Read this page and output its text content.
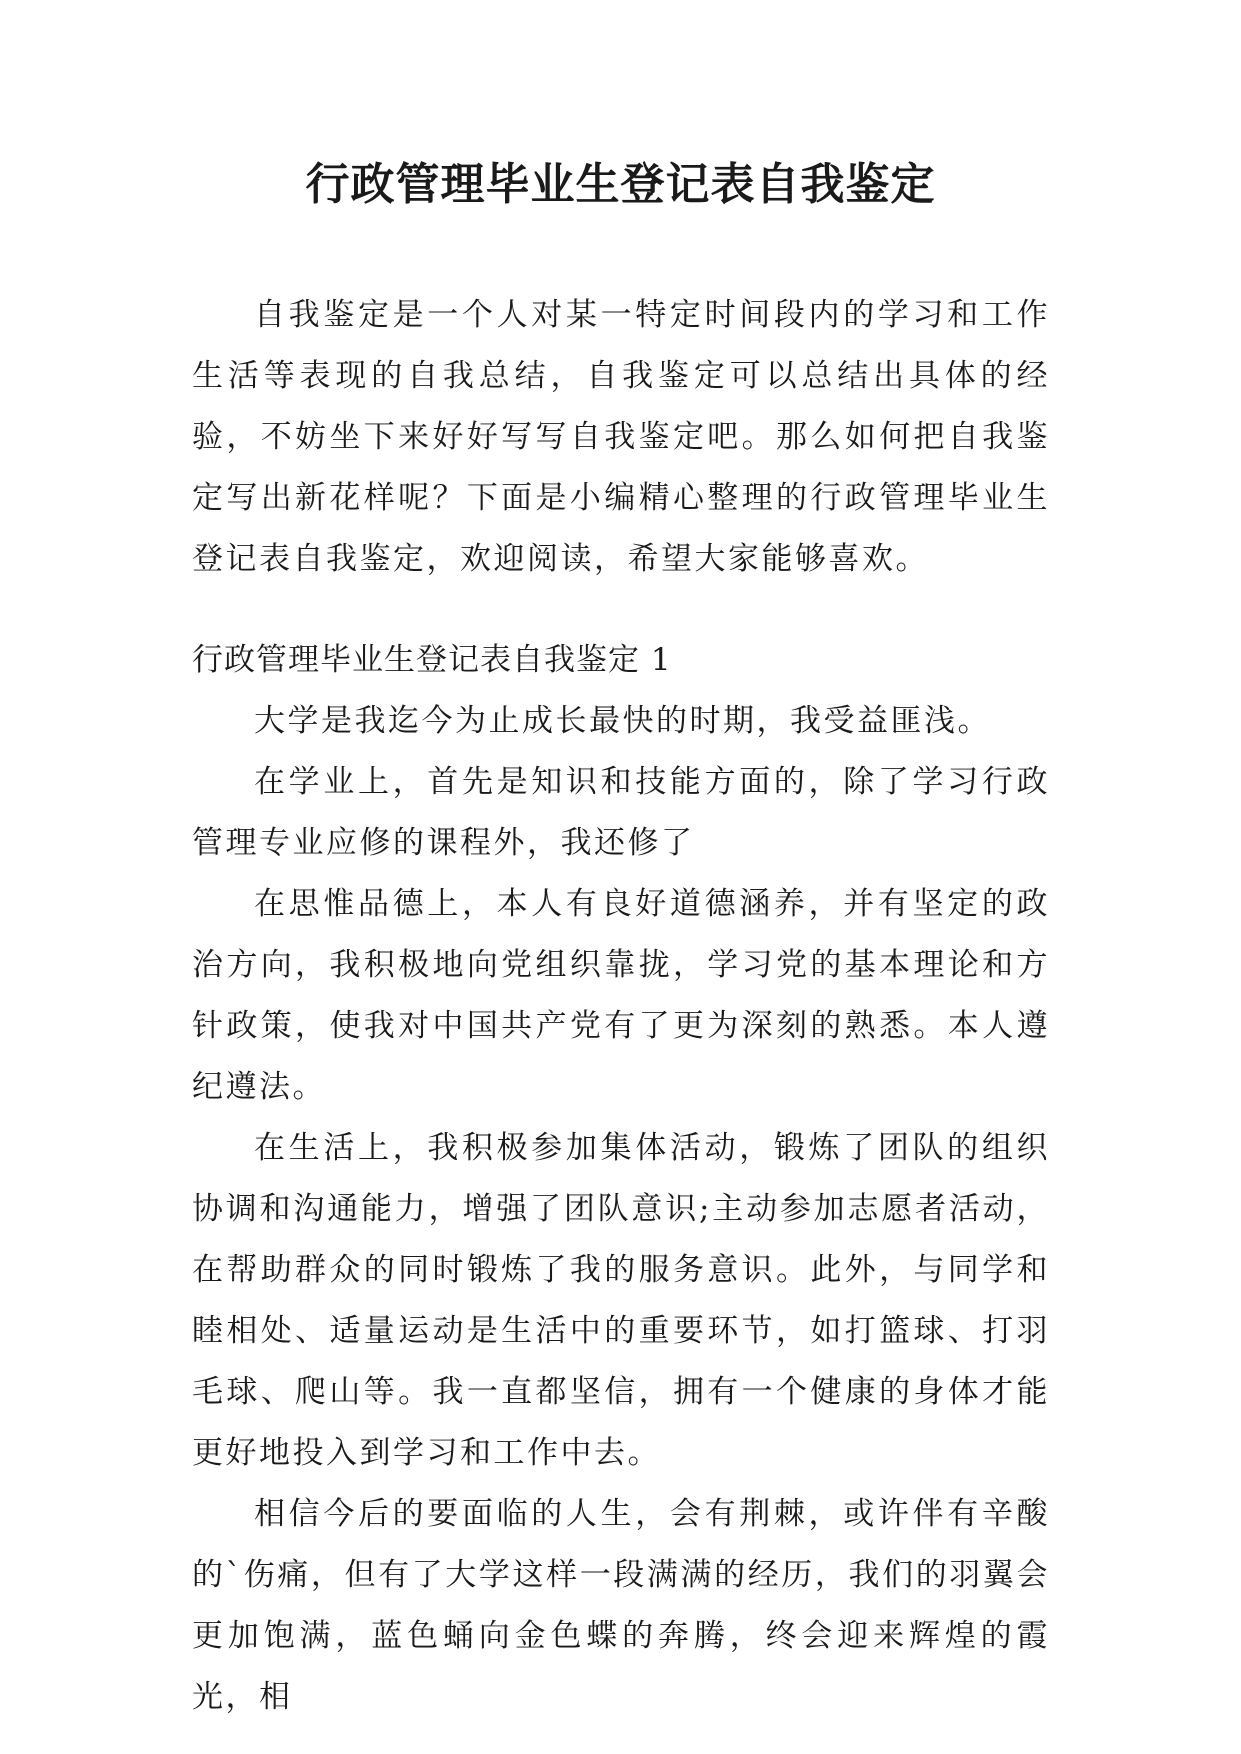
行政管理毕业生登记表自我鉴定

自我鉴定是一个人对某一特定时间段内的学习和工作生活等表现的自我总结，自我鉴定可以总结出具体的经验，不妨坐下来好好写写自我鉴定吧。那么如何把自我鉴定写出新花样呢？下面是小编精心整理的行政管理毕业生登记表自我鉴定，欢迎阅读，希望大家能够喜欢。

行政管理毕业生登记表自我鉴定 1

大学是我迄今为止成长最快的时期，我受益匪浅。

在学业上，首先是知识和技能方面的，除了学习行政管理专业应修的课程外，我还修了

在思惟品德上，本人有良好道德涵养，并有坚定的政治方向，我积极地向党组织靠拢，学习党的基本理论和方针政策，使我对中国共产党有了更为深刻的熟悉。本人遵纪遵法。

在生活上，我积极参加集体活动，锻炼了团队的组织协调和沟通能力，增强了团队意识;主动参加志愿者活动，在帮助群众的同时锻炼了我的服务意识。此外，与同学和睦相处、适量运动是生活中的重要环节，如打篮球、打羽毛球、爬山等。我一直都坚信，拥有一个健康的身体才能更好地投入到学习和工作中去。

相信今后的要面临的人生，会有荆棘，或许伴有辛酸的`伤痛，但有了大学这样一段满满的经历，我们的羽翼会更加饱满，蓝色蛹向金色蝶的奔腾，终会迎来辉煌的霞光，相
